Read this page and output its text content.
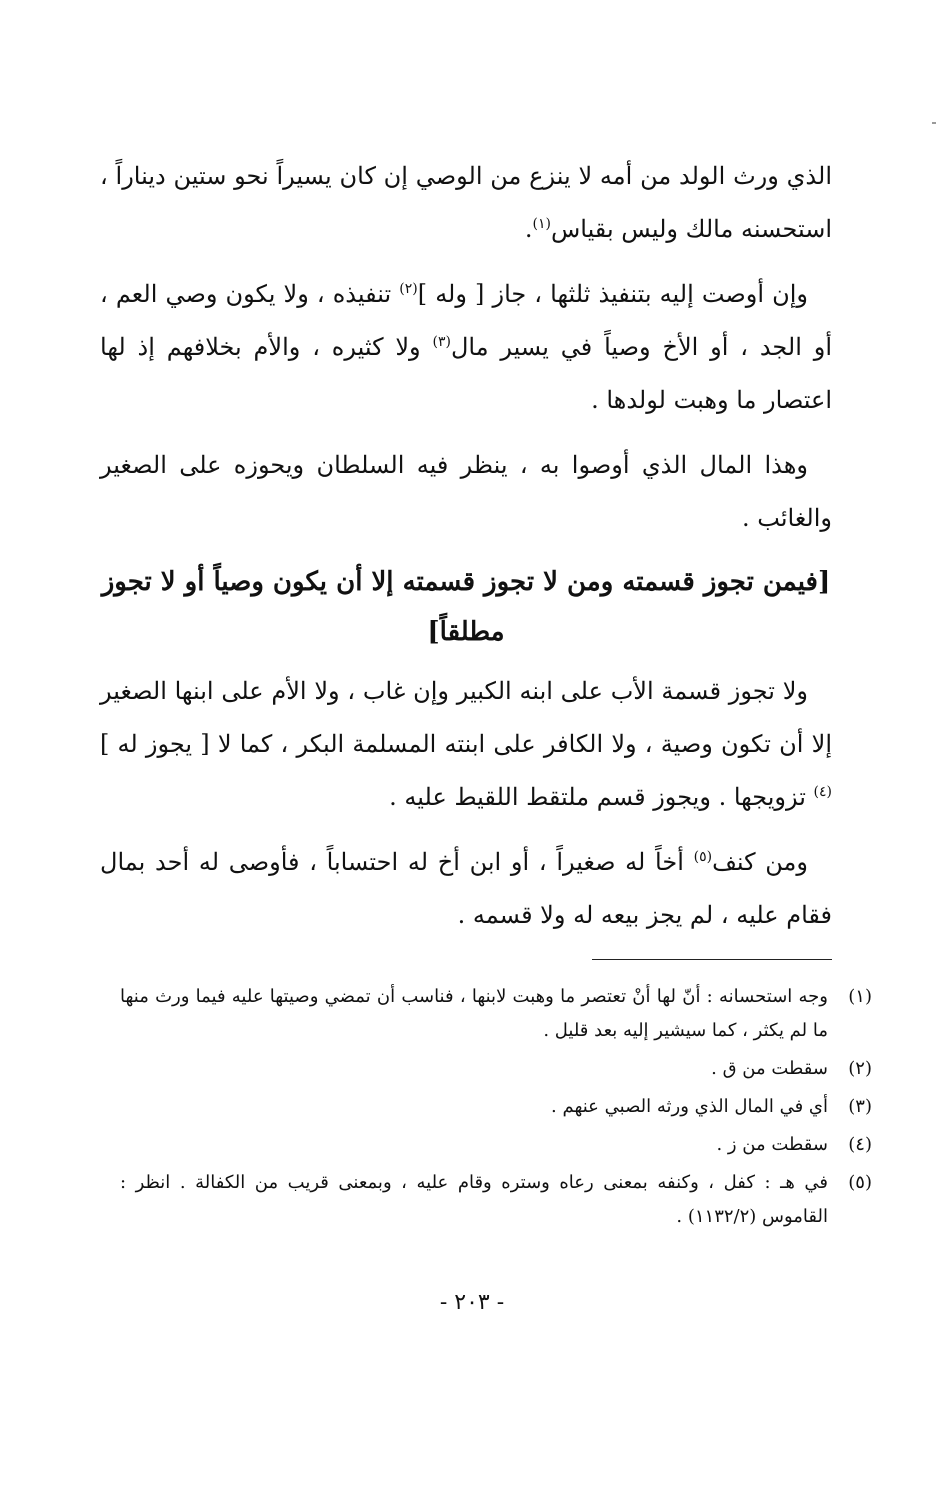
الذي ورث الولد من أمه لا ينزع من الوصي إن كان يسيراً نحو ستين ديناراً ، استحسنه مالك وليس بقياس$^{(١)}$.

وإن أوصت إليه بتنفيذ ثلثها ، جاز [ وله ]$^{(٢)}$ تنفيذه ، ولا يكون وصي العم ، أو الجد ، أو الأخ وصياً في يسير مال$^{(٣)}$ ولا كثيره ، والأم بخلافهم إذ لها اعتصار ما وهبت لولدها .

وهذا المال الذي أوصوا به ، ينظر فيه السلطان ويحوزه على الصغير والغائب .

[فيمن تجوز قسمته ومن لا تجوز قسمته إلا أن يكون وصياً أو لا تجوز مطلقاً]

ولا تجوز قسمة الأب على ابنه الكبير وإن غاب ، ولا الأم على ابنها الصغير إلا أن تكون وصية ، ولا الكافر على ابنته المسلمة البكر ، كما لا [ يجوز له ]$^{(٤)}$ تزويجها . ويجوز قسم ملتقط اللقيط عليه .

ومن كنف$^{(٥)}$ أخاً له صغيراً ، أو ابن أخ له احتساباً ، فأوصى له أحد بمال فقام عليه ، لم يجز بيعه له ولا قسمه .

(١)
وجه استحسانه : أنّ لها أنْ تعتصر ما وهبت لابنها ، فناسب أن تمضي وصيتها عليه فيما ورث منها ما لم يكثر ، كما سيشير إليه بعد قليل .
(٢)
سقطت من ق .
(٣)
أي في المال الذي ورثه الصبي عنهم .
(٤)
سقطت من ز .
(٥)
في هـ : كفل ، وكنفه بمعنى رعاه وستره وقام عليه ، وبمعنى قريب من الكفالة . انظر : القاموس (١١٣٢/٢) .
- ٢٠٣ -
